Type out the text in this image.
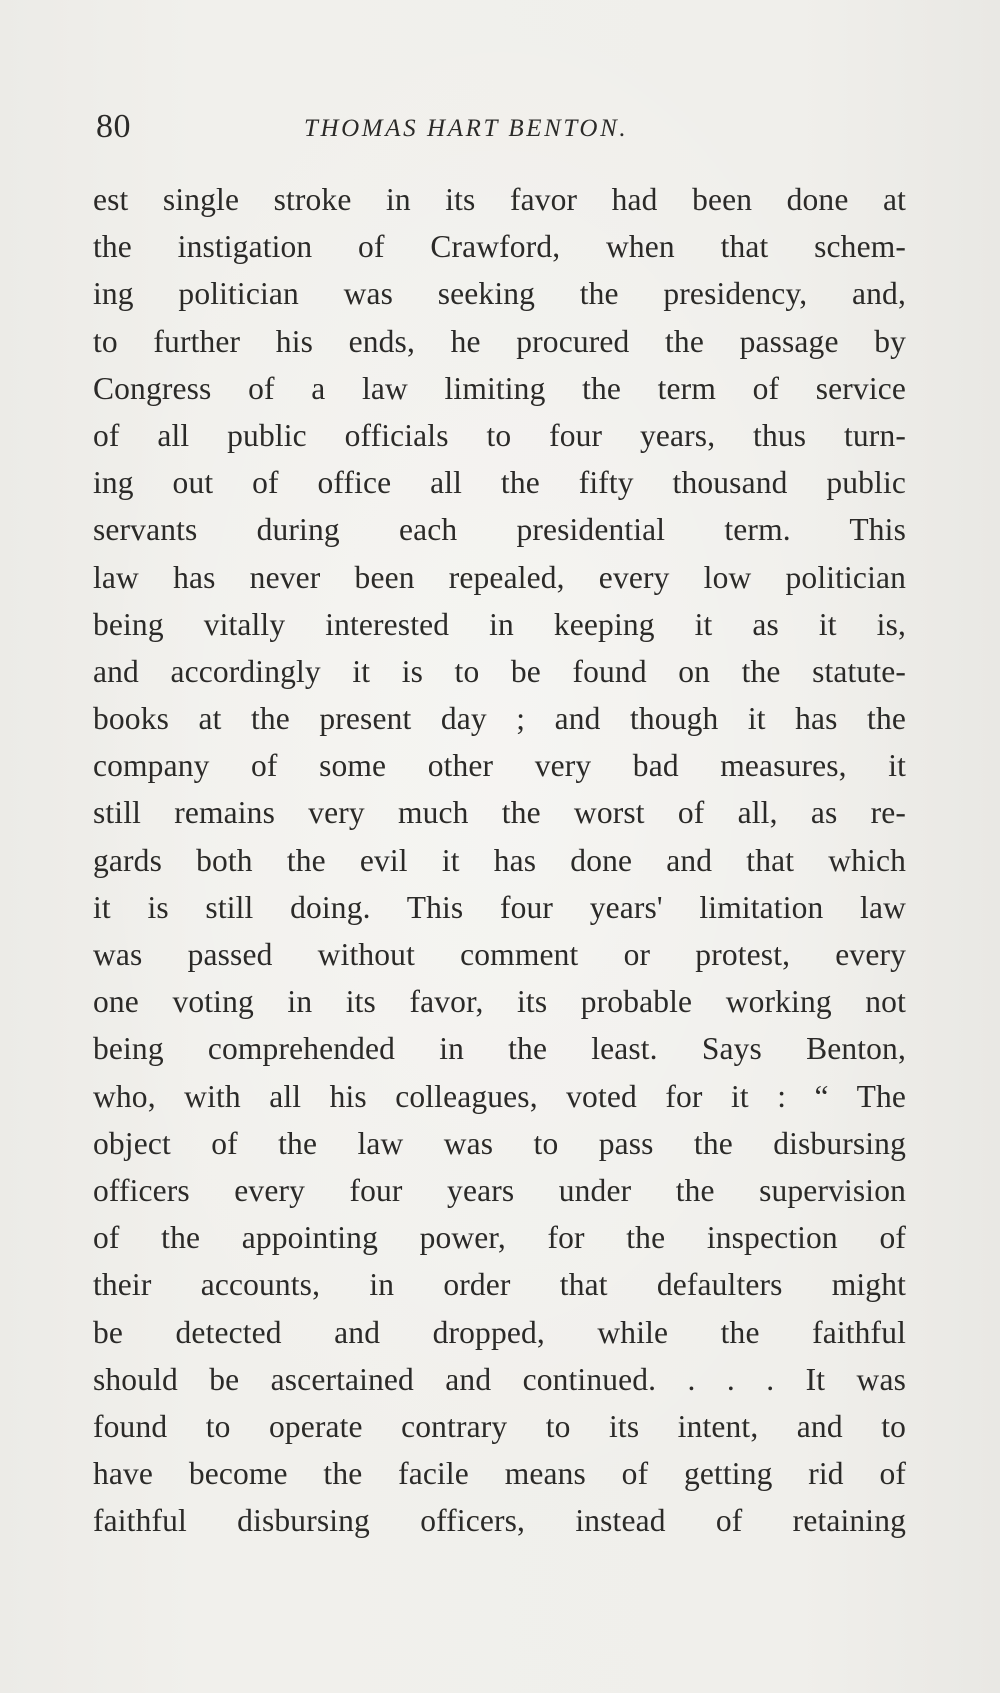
80	THOMAS HART BENTON.
est single stroke in its favor had been done at
the instigation of Crawford, when that schem-
ing politician was seeking the presidency, and,
to further his ends, he procured the passage by
Congress of a law limiting the term of service
of all public officials to four years, thus turn-
ing out of office all the fifty thousand public
servants during each presidential term. This
law has never been repealed, every low politician
being vitally interested in keeping it as it is,
and accordingly it is to be found on the statute-
books at the present day ; and though it has the
company of some other very bad measures, it
still remains very much the worst of all, as re-
gards both the evil it has done and that which
it is still doing. This four years' limitation law
was passed without comment or protest, every
one voting in its favor, its probable working not
being comprehended in the least. Says Benton,
who, with all his colleagues, voted for it : “ The
object of the law was to pass the disbursing
officers every four years under the supervision
of the appointing power, for the inspection of
their accounts, in order that defaulters might
be detected and dropped, while the faithful
should be ascertained and continued. . . . It was
found to operate contrary to its intent, and to
have become the facile means of getting rid of
faithful disbursing officers, instead of retaining
